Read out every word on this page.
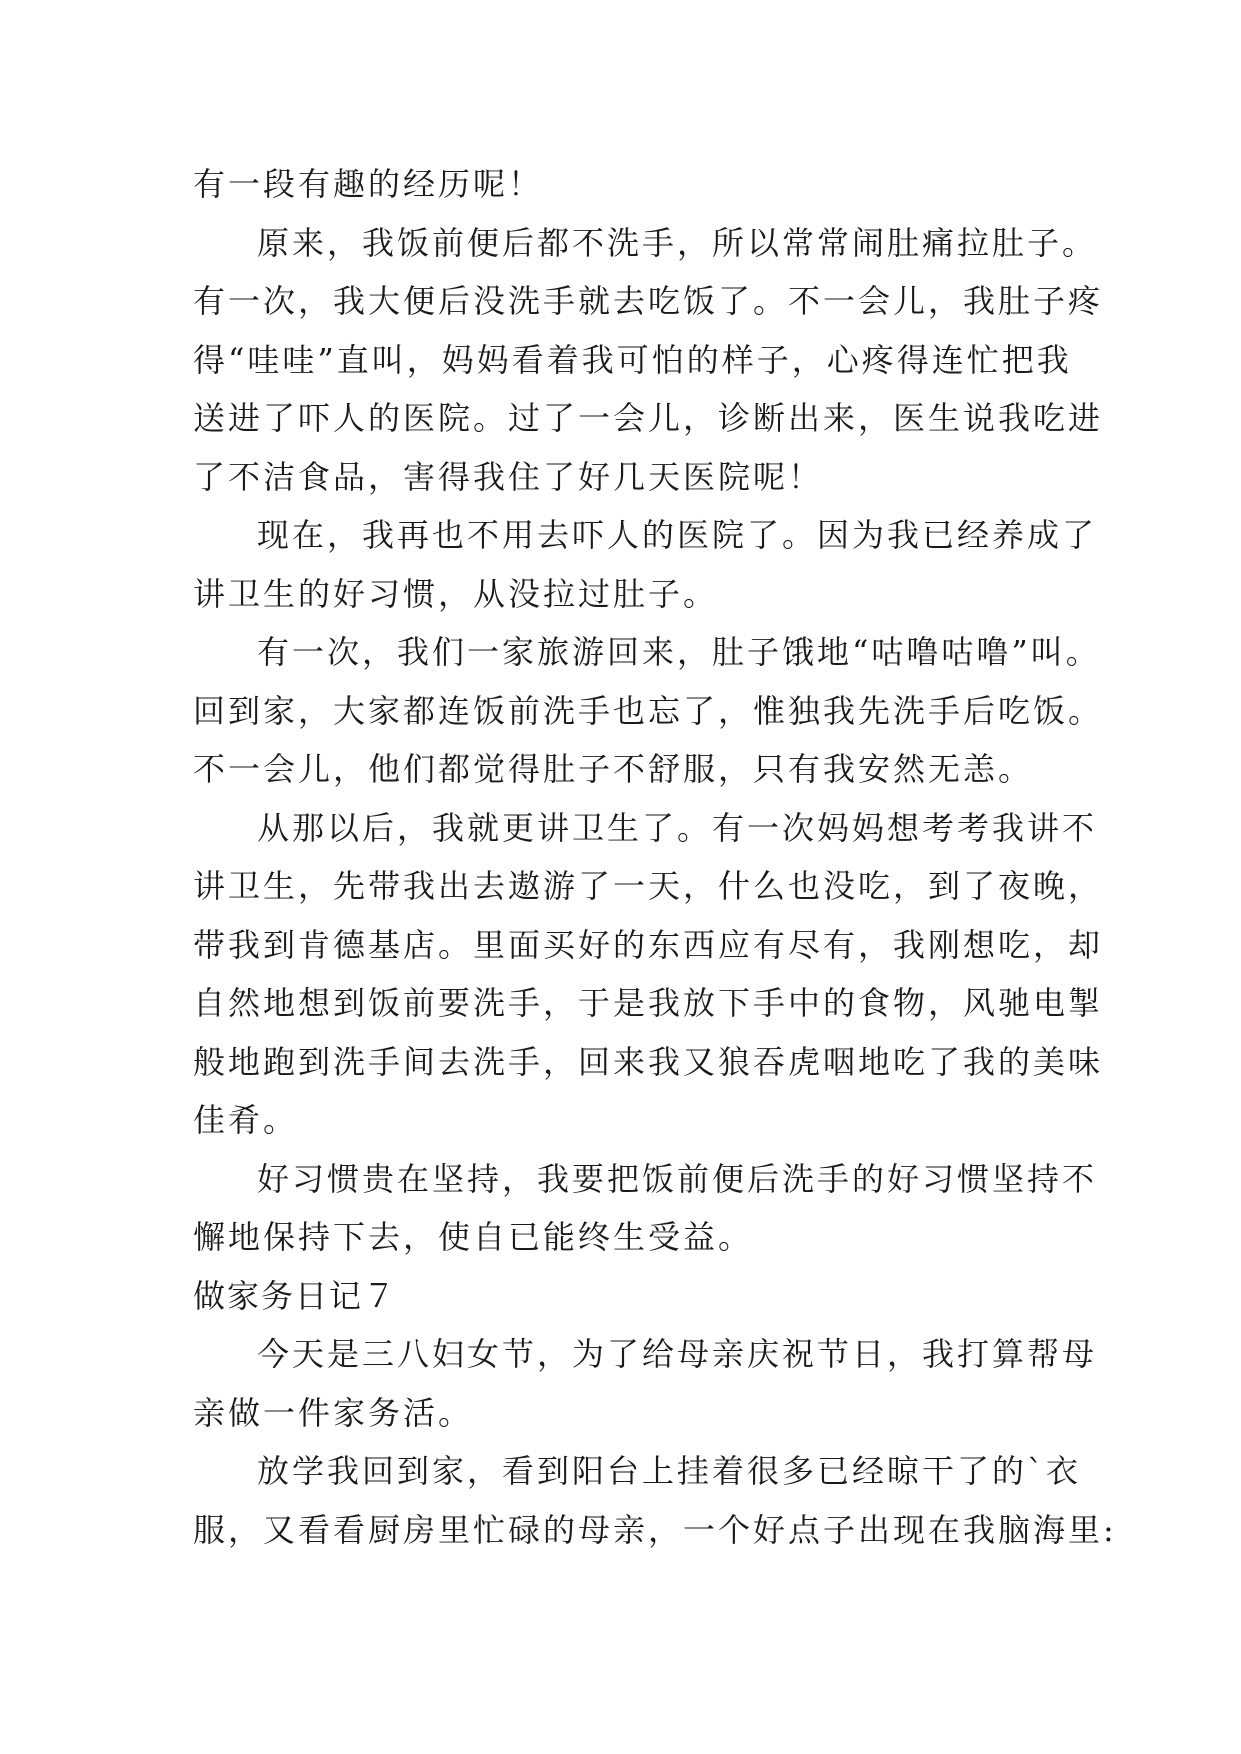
有一段有趣的经历呢！
原来，我饭前便后都不洗手，所以常常闹肚痛拉肚子。
有一次，我大便后没洗手就去吃饭了。不一会儿，我肚子疼
得“哇哇”直叫，妈妈看着我可怕的样子，心疼得连忙把我
送进了吓人的医院。过了一会儿，诊断出来，医生说我吃进
了不洁食品，害得我住了好几天医院呢！
现在，我再也不用去吓人的医院了。因为我已经养成了
讲卫生的好习惯，从没拉过肚子。
有一次，我们一家旅游回来，肚子饿地“咕噜咕噜”叫。
回到家，大家都连饭前洗手也忘了，惟独我先洗手后吃饭。
不一会儿，他们都觉得肚子不舒服，只有我安然无恙。
从那以后，我就更讲卫生了。有一次妈妈想考考我讲不
讲卫生，先带我出去遨游了一天，什么也没吃，到了夜晚，
带我到肯德基店。里面买好的东西应有尽有，我刚想吃，却
自然地想到饭前要洗手，于是我放下手中的食物，风驰电掣
般地跑到洗手间去洗手，回来我又狼吞虎咽地吃了我的美味
佳肴。
好习惯贵在坚持，我要把饭前便后洗手的好习惯坚持不
懈地保持下去，使自已能终生受益。
做家务日记７
今天是三八妇女节，为了给母亲庆祝节日，我打算帮母
亲做一件家务活。
放学我回到家，看到阳台上挂着很多已经晾干了的`衣
服，又看看厨房里忙碌的母亲，一个好点子出现在我脑海里:
